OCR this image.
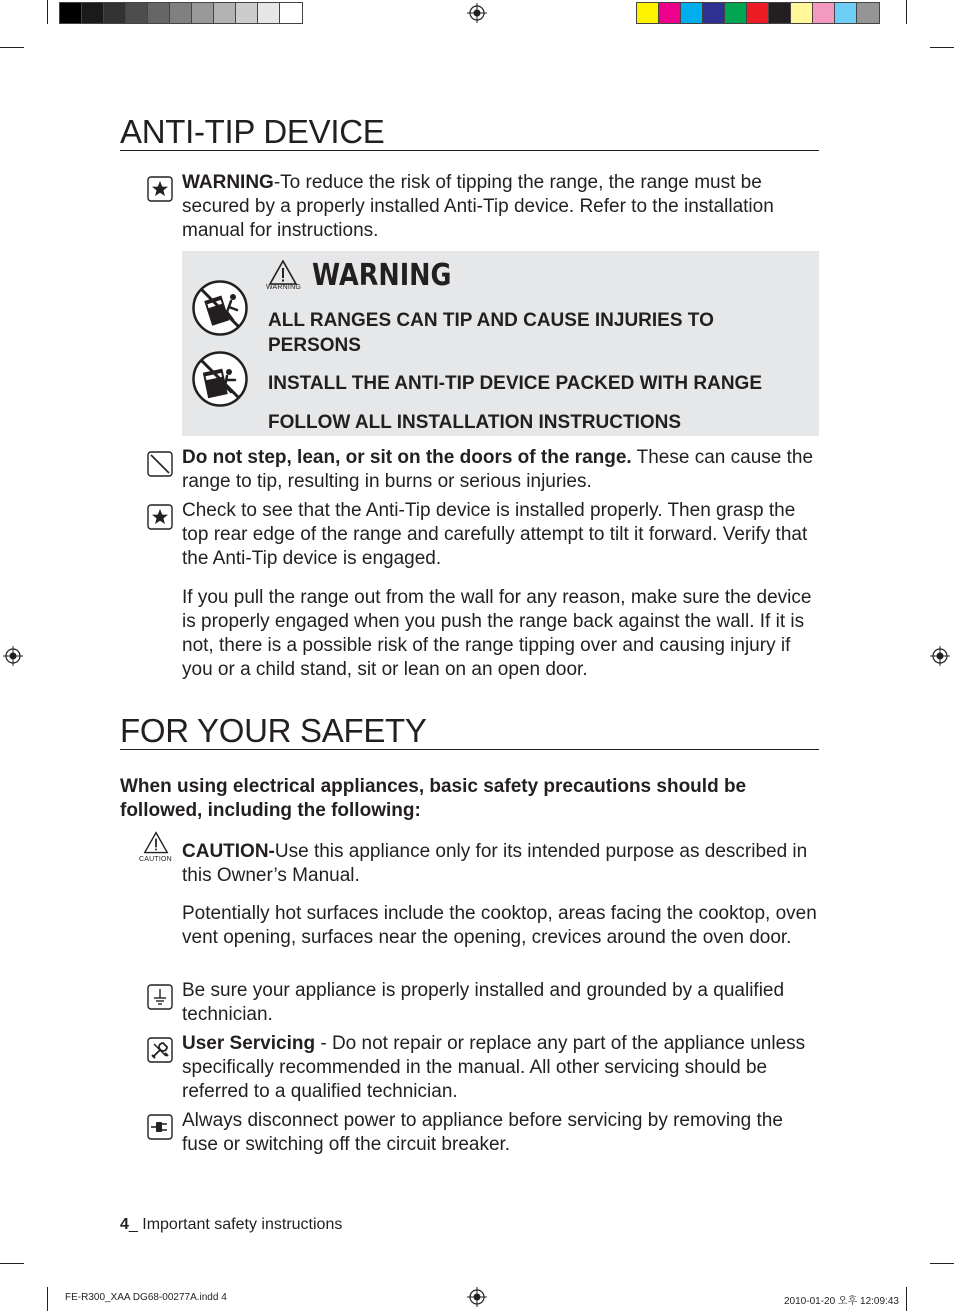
ANTI-TIP DEVICE

WARNING-To reduce the risk of tipping the range, the range must be secured by a properly installed Anti-Tip device. Refer to the installation manual for instructions.

WARNING WARNING

ALL RANGES CAN TIP AND CAUSE INJURIES TO PERSONS

INSTALL THE ANTI-TIP DEVICE PACKED WITH RANGE

FOLLOW ALL INSTALLATION INSTRUCTIONS

Do not step, lean, or sit on the doors of the range. These can cause the range to tip, resulting in burns or serious injuries.

Check to see that the Anti-Tip device is installed properly. Then grasp the top rear edge of the range and carefully attempt to tilt it forward. Verify that the Anti-Tip device is engaged.

If you pull the range out from the wall for any reason, make sure the device is properly engaged when you push the range back against the wall. If it is not, there is a possible risk of the range tipping over and causing injury if you or a child stand, sit or lean on an open door.

FOR YOUR SAFETY

When using electrical appliances, basic safety precautions should be followed, including the following:

CAUTION CAUTION-Use this appliance only for its intended purpose as described in this Owner’s Manual.

Potentially hot surfaces include the cooktop, areas facing the cooktop, oven vent opening, surfaces near the opening, crevices around the oven door.

Be sure your appliance is properly installed and grounded by a qualified technician.

User Servicing - Do not repair or replace any part of the appliance unless specifically recommended in the manual. All other servicing should be referred to a qualified technician.

Always disconnect power to appliance before servicing by removing the fuse or switching off the circuit breaker.

4_ Important safety instructions
FE-R300_XAA DG68-00277A.indd 4	2010-01-20 오후 12:09:43
